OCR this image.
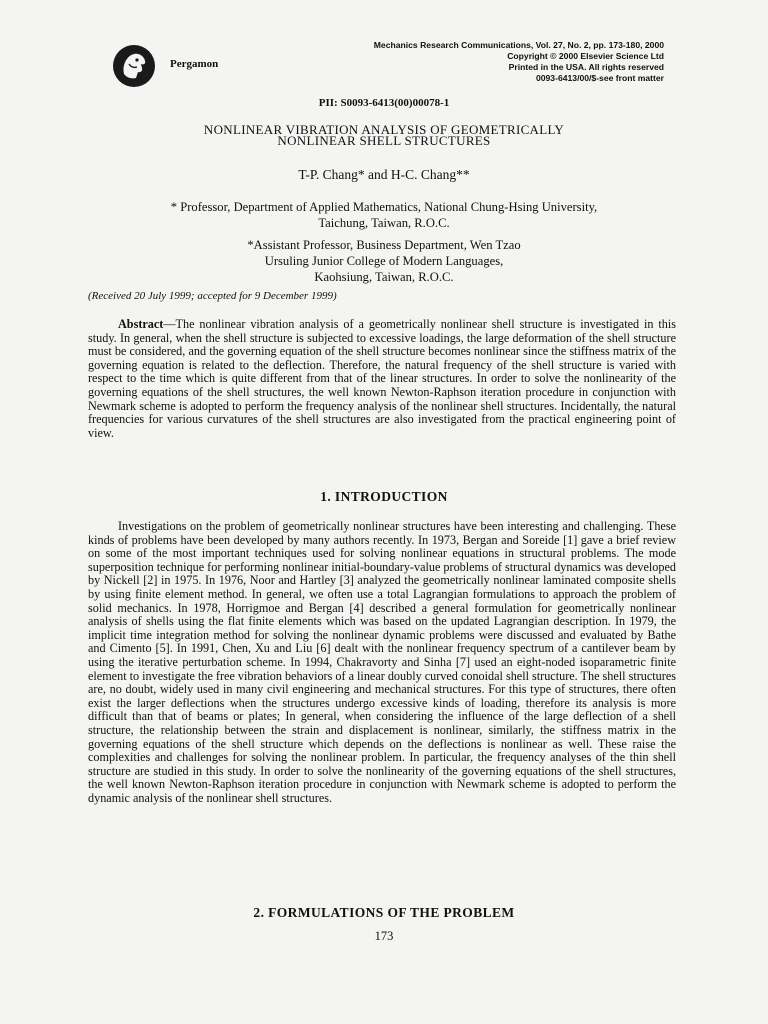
Pergamon
Mechanics Research Communications, Vol. 27, No. 2, pp. 173-180, 2000
Copyright © 2000 Elsevier Science Ltd
Printed in the USA. All rights reserved
0093-6413/00/$-see front matter
PII: S0093-6413(00)00078-1
NONLINEAR VIBRATION ANALYSIS OF GEOMETRICALLY
NONLINEAR SHELL STRUCTURES
T-P. Chang* and H-C. Chang**
* Professor, Department of Applied Mathematics, National Chung-Hsing University,
Taichung, Taiwan, R.O.C.
*Assistant Professor, Business Department, Wen Tzao
Ursuling Junior College of Modern Languages,
Kaohsiung, Taiwan, R.O.C.
(Received 20 July 1999; accepted for 9 December 1999)

Abstract—The nonlinear vibration analysis of a geometrically nonlinear shell structure is investigated in this study. In general, when the shell structure is subjected to excessive loadings, the large deformation of the shell structure must be considered, and the governing equation of the shell structure becomes nonlinear since the stiffness matrix of the governing equation is related to the deflection. Therefore, the natural frequency of the shell structure is varied with respect to the time which is quite different from that of the linear structures. In order to solve the nonlinearity of the governing equations of the shell structures, the well known Newton-Raphson iteration procedure in conjunction with Newmark scheme is adopted to perform the frequency analysis of the nonlinear shell structures. Incidentally, the natural frequencies for various curvatures of the shell structures are also investigated from the practical engineering point of view.

1. INTRODUCTION

Investigations on the problem of geometrically nonlinear structures have been interesting and challenging. These kinds of problems have been developed by many authors recently. In 1973, Bergan and Soreide [1] gave a brief review on some of the most important techniques used for solving nonlinear equations in structural problems. The mode superposition technique for performing nonlinear initial-boundary-value problems of structural dynamics was developed by Nickell [2] in 1975. In 1976, Noor and Hartley [3] analyzed the geometrically nonlinear laminated composite shells by using finite element method. In general, we often use a total Lagrangian formulations to approach the problem of solid mechanics. In 1978, Horrigmoe and Bergan [4] described a general formulation for geometrically nonlinear analysis of shells using the flat finite elements which was based on the updated Lagrangian description. In 1979, the implicit time integration method for solving the nonlinear dynamic problems were discussed and evaluated by Bathe and Cimento [5]. In 1991, Chen, Xu and Liu [6] dealt with the nonlinear frequency spectrum of a cantilever beam by using the iterative perturbation scheme. In 1994, Chakravorty and Sinha [7] used an eight-noded isoparametric finite element to investigate the free vibration behaviors of a linear doubly curved conoidal shell structure. The shell structures are, no doubt, widely used in many civil engineering and mechanical structures. For this type of structures, there often exist the larger deflections when the structures undergo excessive kinds of loading, therefore its analysis is more difficult than that of beams or plates; In general, when considering the influence of the large deflection of a shell structure, the relationship between the strain and displacement is nonlinear, similarly, the stiffness matrix in the governing equations of the shell structure which depends on the deflections is nonlinear as well. These raise the complexities and challenges for solving the nonlinear problem. In particular, the frequency analyses of the thin shell structure are studied in this study. In order to solve the nonlinearity of the governing equations of the shell structures, the well known Newton-Raphson iteration procedure in conjunction with Newmark scheme is adopted to perform the dynamic analysis of the nonlinear shell structures.

2. FORMULATIONS OF THE PROBLEM
173
